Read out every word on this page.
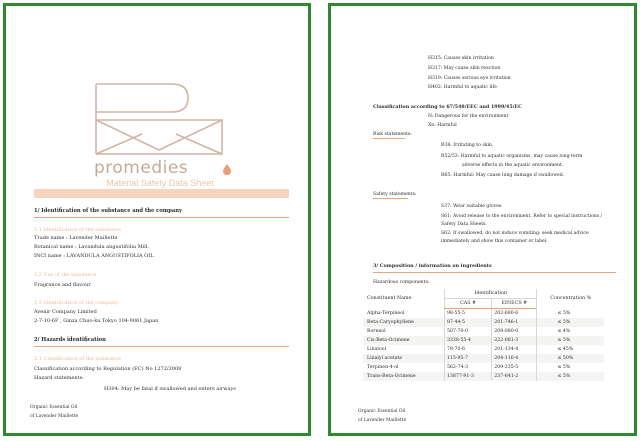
promedies
Material Safety Data Sheet
1/ Identification of the substance and the company
1.1 Identification of the substance
Trade name : Lavender Maillette
Botanical name : Lavandula angustifolia Mill.
INCI name : LAVANDULA ANGUSTIFOLIA OIL
1.2 Use of the substance
Fragrance and flavour
1.3 Identification of the company
Avenir Company Limited
2-7-10-6F , Ginza Chuo-ku Tokyo 104-0061 Japan
2/ Hazards identification
2.1 Classification of the substance
Classification according to Regulation (EC) No 1272/2008
Hazard statements:
H304: May be fatal if swallowed and enters airways
Organic Essential Oil
of Lavender Maillette
H315: Causes skin irritation
H317: May cause skin reaction
H319: Causes serious eye irritation
H402: Harmful to aquatic life
Classification according to 67/548/EEC and 1999/45/EC
N: Dangerous for the environment
Xn: Harmful
Risk statements:
R38: Irritating to skin.
R52/53: Harmful to aquatic organisms, may cause long-term
adverse effects in the aquatic environment.
R65: Harmful: May cause lung damage if swallowed.
Safety statements:
S37: Wear suitable gloves.
S61: Avoid release to the environment. Refer to special instructions /
Safety Data Sheets.
S62: If swallowed, do not induce vomiting: seek medical advice
immediately and show this container or label.
3/ Composition / information on ingredients
Hazardous components:
Constituent Name	Identification		Concentration %
	CAS #	EINECS #	
Alpha-Terpineol	98-55-5	202-680-6	≤ 5%
Beta-Caryophyllene	87-44-5	201-746-1	≤ 5%
Borneol	507-70-0	208-080-0	≤ 4%
Cis-Beta-Ocimene	3338-55-4	222-081-3	≤ 5%
Linalool	78-70-6	201-134-4	≤ 45%
Linalyl acetate	115-95-7	204-116-4	≤ 50%
Terpinen-4-ol	562-74-3	209-235-5	≤ 5%
Trans-Beta-Ocimene	13877-91-3	237-641-2	≤ 5%
Organic Essential Oil
of Lavender Maillette
